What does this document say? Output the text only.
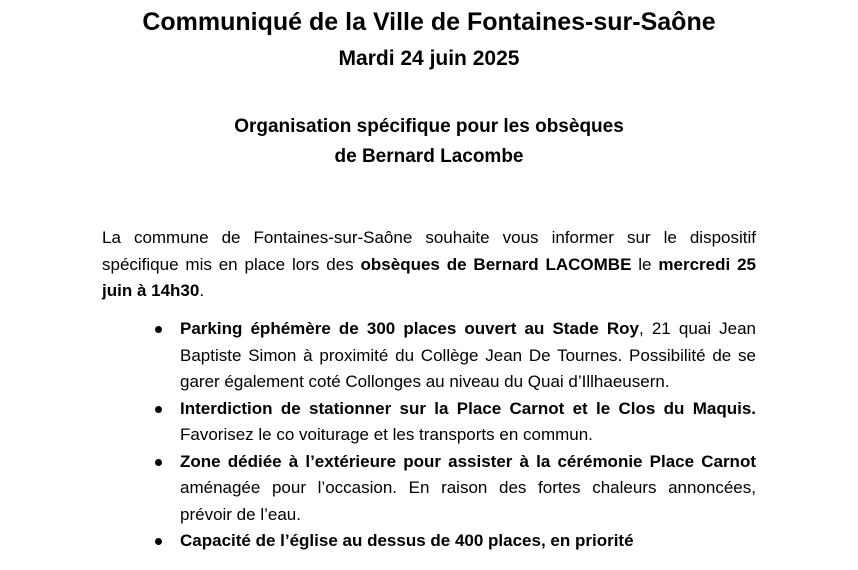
Communiqué de la Ville de Fontaines-sur-Saône
Mardi 24 juin 2025
Organisation spécifique pour les obsèques
de Bernard Lacombe

La commune de Fontaines-sur-Saône souhaite vous informer sur le dispositif spécifique mis en place lors des obsèques de Bernard LACOMBE le mercredi 25 juin à 14h30.

Parking éphémère de 300 places ouvert au Stade Roy, 21 quai Jean Baptiste Simon à proximité du Collège Jean De Tournes. Possibilité de se garer également coté Collonges au niveau du Quai d’Illhaeusern.
Interdiction de stationner sur la Place Carnot et le Clos du Maquis. Favorisez le co voiturage et les transports en commun.
Zone dédiée à l’extérieure pour assister à la cérémonie Place Carnot aménagée pour l’occasion. En raison des fortes chaleurs annoncées, prévoir de l’eau.
Capacité de l’église au dessus de 400 places, en priorité
